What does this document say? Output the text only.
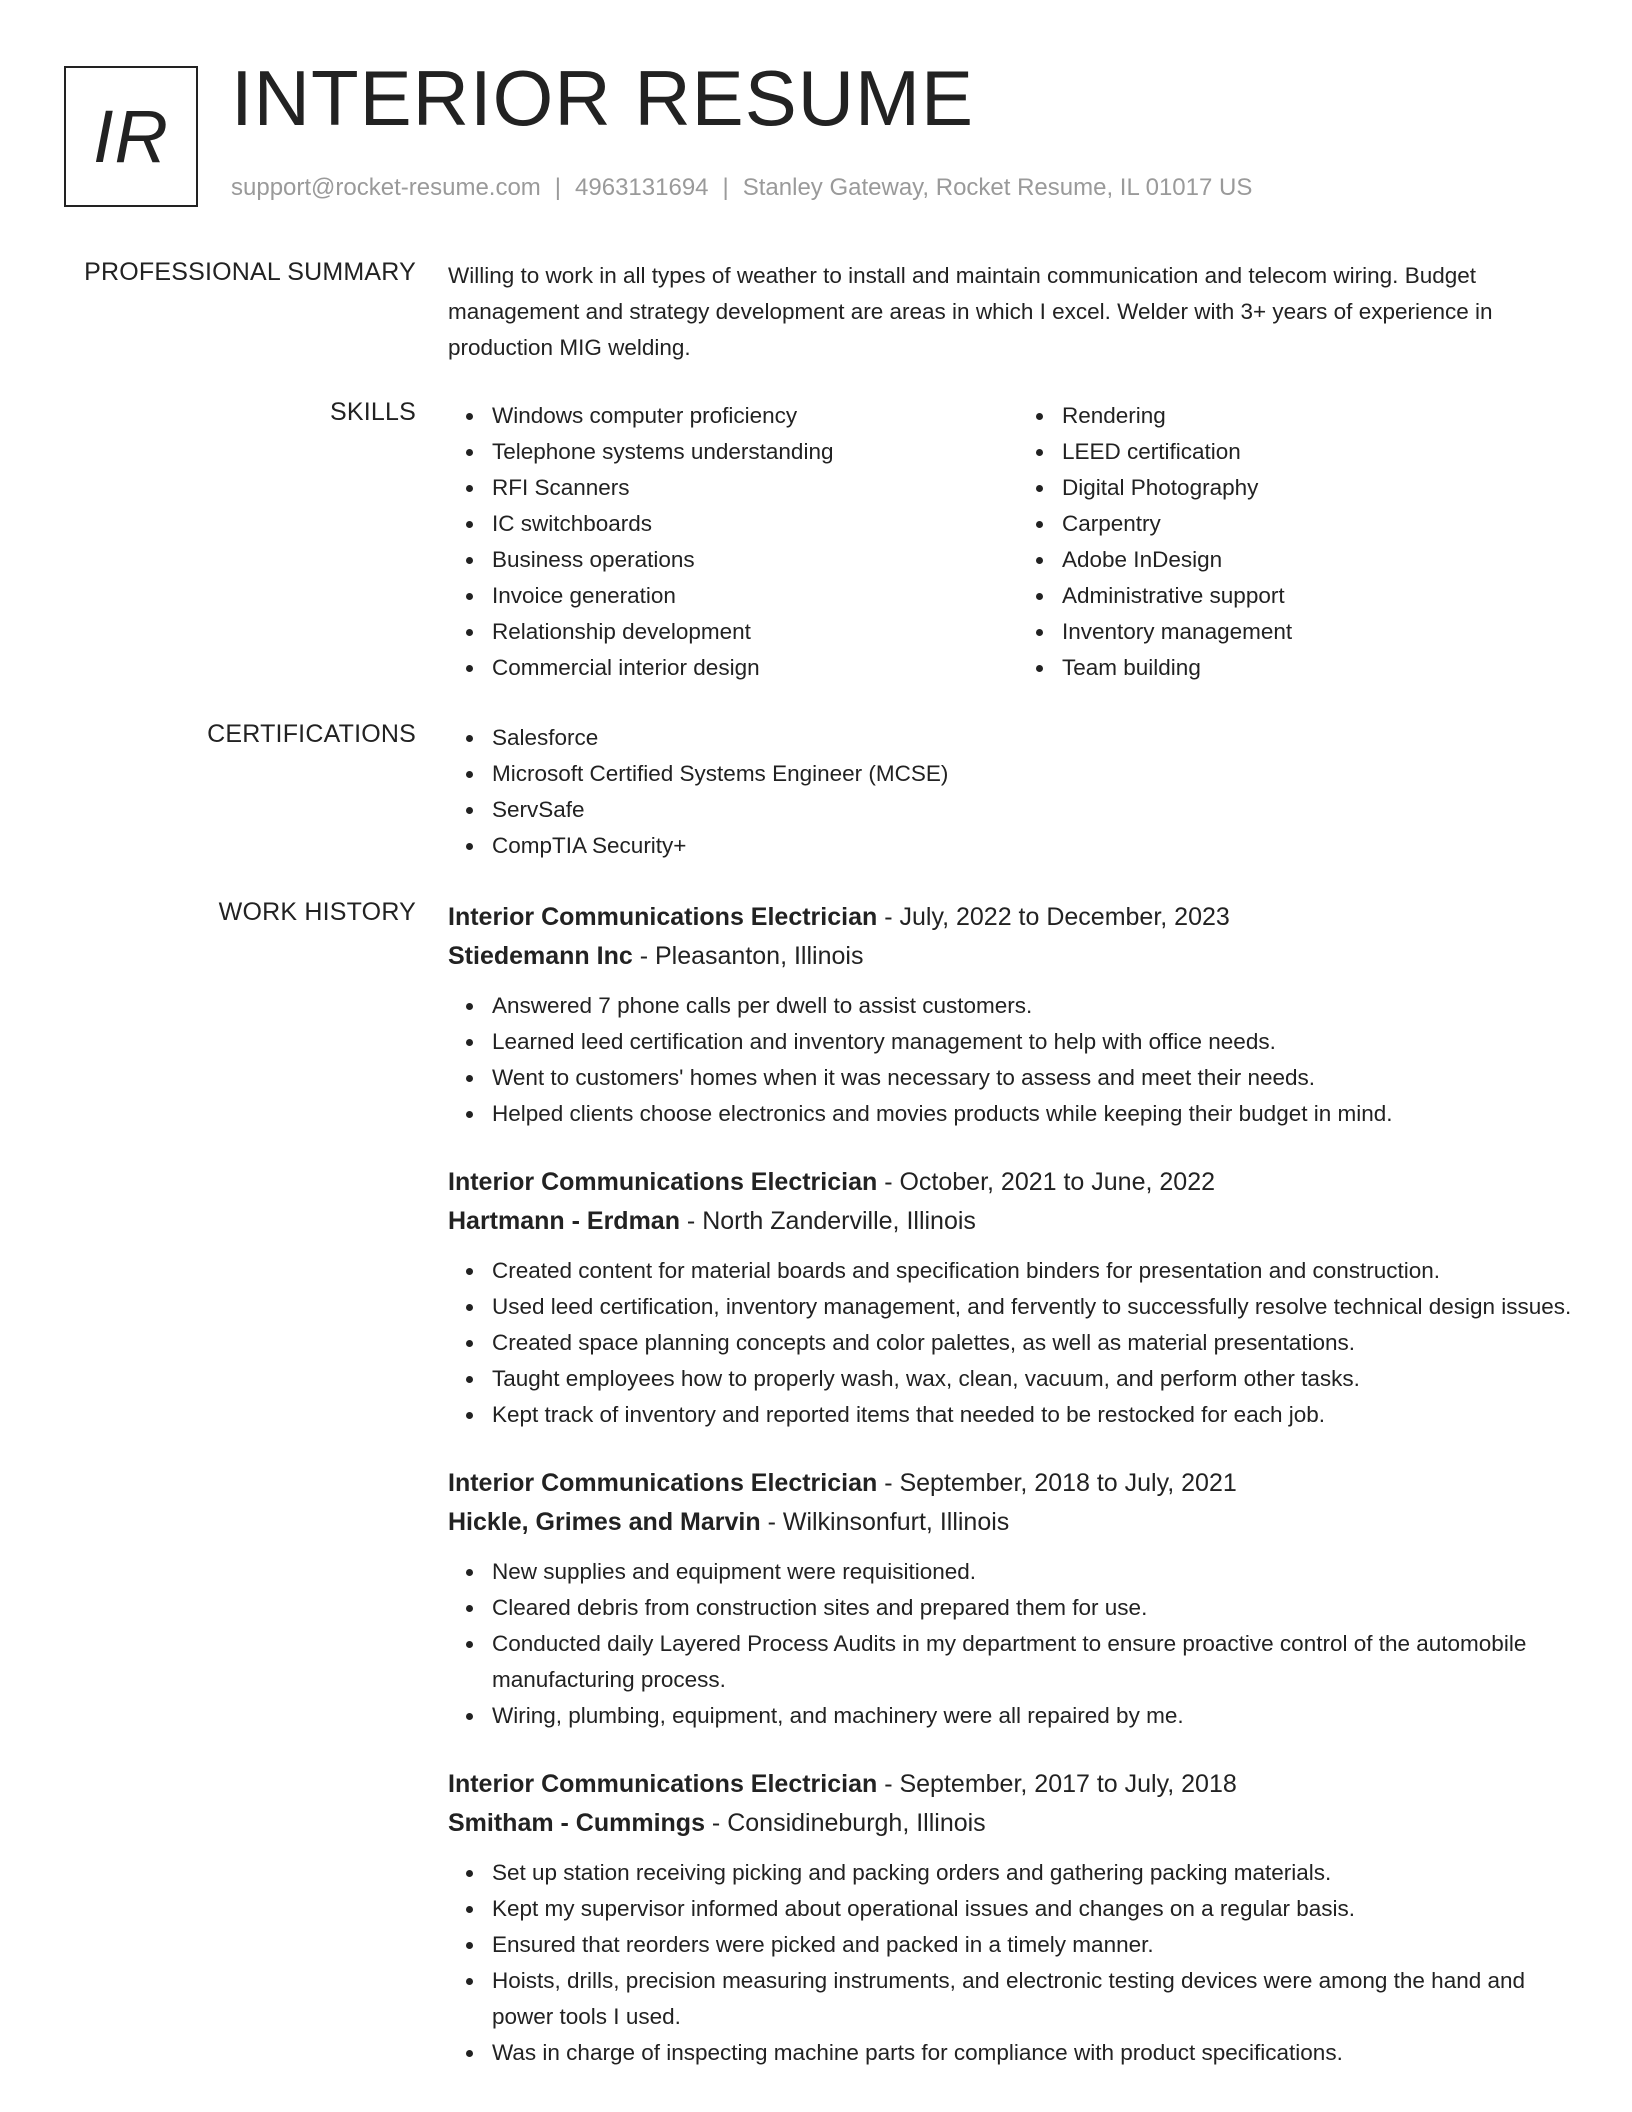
IR INTERIOR RESUME
support@rocket-resume.com | 4963131694 | Stanley Gateway, Rocket Resume, IL 01017 US
PROFESSIONAL SUMMARY Willing to work in all types of weather to install and maintain communication and telecom wiring. Budget management and strategy development are areas in which I excel. Welder with 3+ years of experience in production MIG welding.

SKILLS	Windows computer proficiency
Telephone systems understanding
RFI Scanners
IC switchboards
Business operations
Invoice generation
Relationship development
Commercial interior design
Rendering
LEED certification
Digital Photography
Carpentry
Adobe InDesign
Administrative support
Inventory management
Team building
CERTIFICATIONS	Salesforce
Microsoft Certified Systems Engineer (MCSE)
ServSafe
CompTIA Security+
WORK HISTORY Interior Communications Electrician - July, 2022 to December, 2023
Stiedemann Inc - Pleasanton, Illinois
Answered 7 phone calls per dwell to assist customers.
Learned leed certification and inventory management to help with office needs.
Went to customers' homes when it was necessary to assess and meet their needs.
Helped clients choose electronics and movies products while keeping their budget in mind.
Interior Communications Electrician - October, 2021 to June, 2022
Hartmann - Erdman - North Zanderville, Illinois
Created content for material boards and specification binders for presentation and construction.
Used leed certification, inventory management, and fervently to successfully resolve technical design issues.
Created space planning concepts and color palettes, as well as material presentations.
Taught employees how to properly wash, wax, clean, vacuum, and perform other tasks.
Kept track of inventory and reported items that needed to be restocked for each job.
Interior Communications Electrician - September, 2018 to July, 2021
Hickle, Grimes and Marvin - Wilkinsonfurt, Illinois
New supplies and equipment were requisitioned.
Cleared debris from construction sites and prepared them for use.
Conducted daily Layered Process Audits in my department to ensure proactive control of the automobile manufacturing process.
Wiring, plumbing, equipment, and machinery were all repaired by me.
Interior Communications Electrician - September, 2017 to July, 2018
Smitham - Cummings - Considineburgh, Illinois
Set up station receiving picking and packing orders and gathering packing materials.
Kept my supervisor informed about operational issues and changes on a regular basis.
Ensured that reorders were picked and packed in a timely manner.
Hoists, drills, precision measuring instruments, and electronic testing devices were among the hand and power tools I used.
Was in charge of inspecting machine parts for compliance with product specifications.
